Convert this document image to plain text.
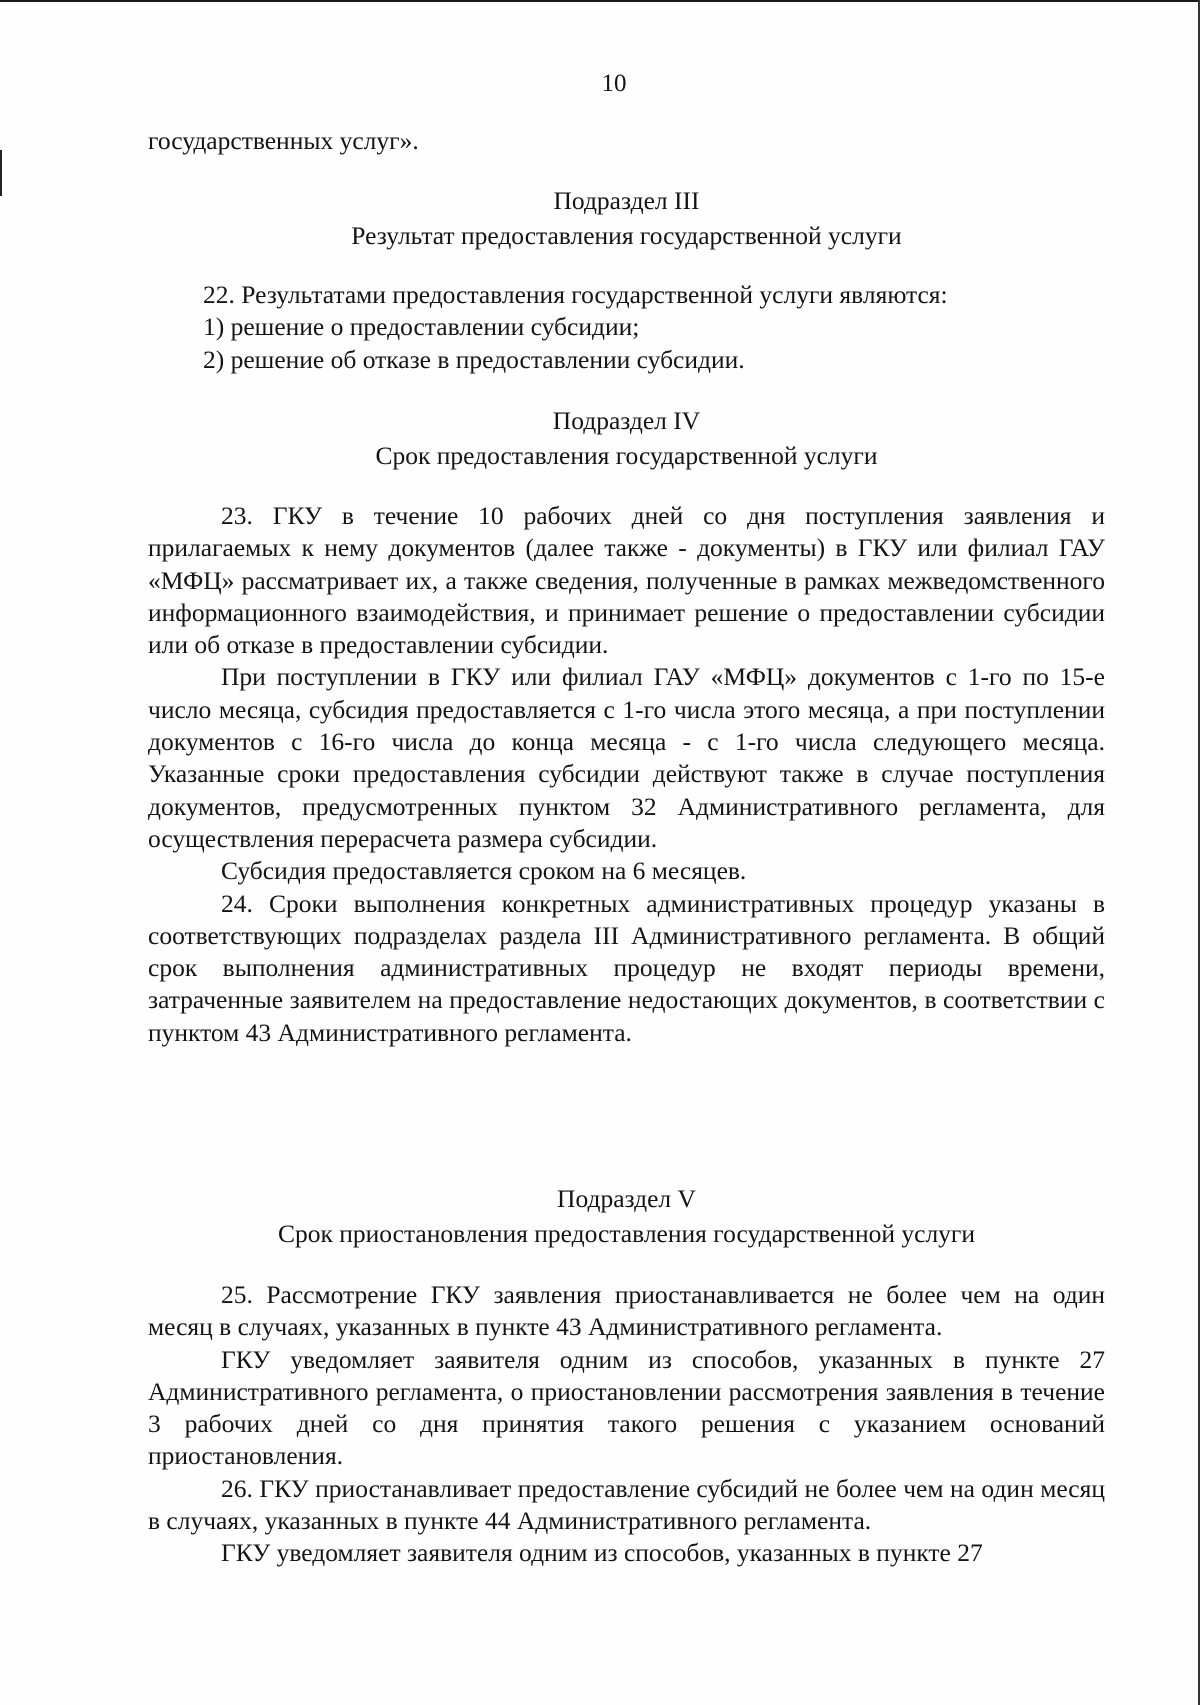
10

государственных услуг».

Подраздел III
Результат предоставления государственной услуги

22. Результатами предоставления государственной услуги являются:

1) решение о предоставлении субсидии;

2) решение об отказе в предоставлении субсидии.

Подраздел IV
Срок предоставления государственной услуги

23. ГКУ в течение 10 рабочих дней со дня поступления заявления и прилагаемых к нему документов (далее также - документы) в ГКУ или филиал ГАУ «МФЦ» рассматривает их, а также сведения, полученные в рамках межведомственного информационного взаимодействия, и принимает решение о предоставлении субсидии или об отказе в предоставлении субсидии.

При поступлении в ГКУ или филиал ГАУ «МФЦ» документов с 1-го по 15-е число месяца, субсидия предоставляется с 1-го числа этого месяца, а при поступлении документов с 16-го числа до конца месяца - с 1-го числа следующего месяца. Указанные сроки предоставления субсидии действуют также в случае поступления документов, предусмотренных пунктом 32 Административного регламента, для осуществления перерасчета размера субсидии.

Субсидия предоставляется сроком на 6 месяцев.

24. Сроки выполнения конкретных административных процедур указаны в соответствующих подразделах раздела III Административного регламента. В общий срок выполнения административных процедур не входят периоды времени, затраченные заявителем на предоставление недостающих документов, в соответствии с пунктом 43 Административного регламента.

Подраздел V
Срок приостановления предоставления государственной услуги

25. Рассмотрение ГКУ заявления приостанавливается не более чем на один месяц в случаях, указанных в пункте 43 Административного регламента.

ГКУ уведомляет заявителя одним из способов, указанных в пункте 27 Административного регламента, о приостановлении рассмотрения заявления в течение 3 рабочих дней со дня принятия такого решения с указанием оснований приостановления.

26. ГКУ приостанавливает предоставление субсидий не более чем на один месяц в случаях, указанных в пункте 44 Административного регламента.

ГКУ уведомляет заявителя одним из способов, указанных в пункте 27
